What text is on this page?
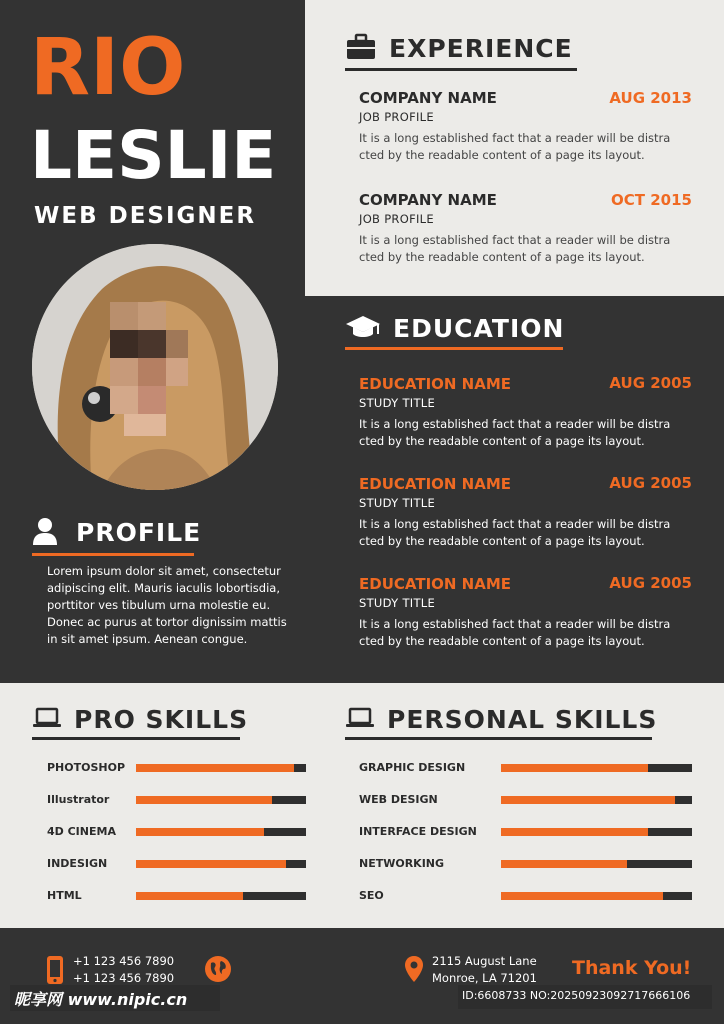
RIO
LESLIE
WEB DESIGNER
EXPERIENCE
COMPANY NAME	AUG 2013
JOB PROFILE
It is a long established fact that a reader will be distra
cted by the readable content of a page its layout.
COMPANY NAME	OCT 2015
JOB PROFILE
It is a long established fact that a reader will be distra
cted by the readable content of a page its layout.
EDUCATION
EDUCATION NAME	AUG 2005
STUDY TITLE
It is a long established fact that a reader will be distra
cted by the readable content of a page its layout.
EDUCATION NAME	AUG 2005
STUDY TITLE
It is a long established fact that a reader will be distra
cted by the readable content of a page its layout.
EDUCATION NAME	AUG 2005
STUDY TITLE
It is a long established fact that a reader will be distra
cted by the readable content of a page its layout.
PROFILE
Lorem ipsum dolor sit amet, consectetur
adipiscing elit. Mauris iaculis lobortisdia,
porttitor ves tibulum urna molestie eu.
Donec ac purus at tortor dignissim mattis
in sit amet ipsum. Aenean congue.
PRO SKILLS
PHOTOSHOP
Illustrator
4D CINEMA
INDESIGN
HTML
PERSONAL SKILLS
GRAPHIC DESIGN
WEB DESIGN
INTERFACE DESIGN
NETWORKING
SEO
+1 123 456 7890
+1 123 456 7890
2115 August Lane
Monroe, LA 71201 Thank You!
昵享网 www.nipic.cn	ID:6608733 NO:20250923092717666106
